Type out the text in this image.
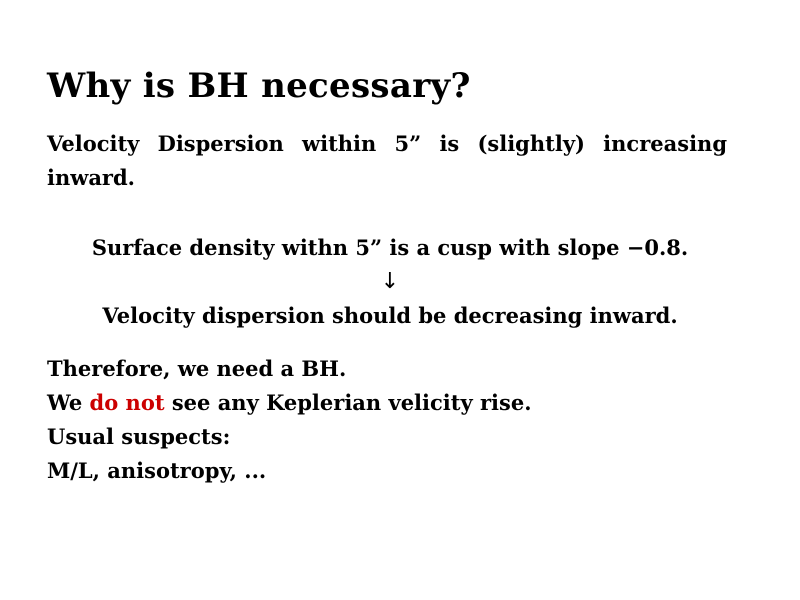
Why is BH necessary?

Velocity Dispersion within 5” is (slightly) increasing inward.

Surface density withn 5” is a cusp with slope −0.8.
↓
Velocity dispersion should be decreasing inward.
Therefore, we need a BH.
We do not see any Keplerian velicity rise.
Usual suspects:
M/L, anisotropy, ...
